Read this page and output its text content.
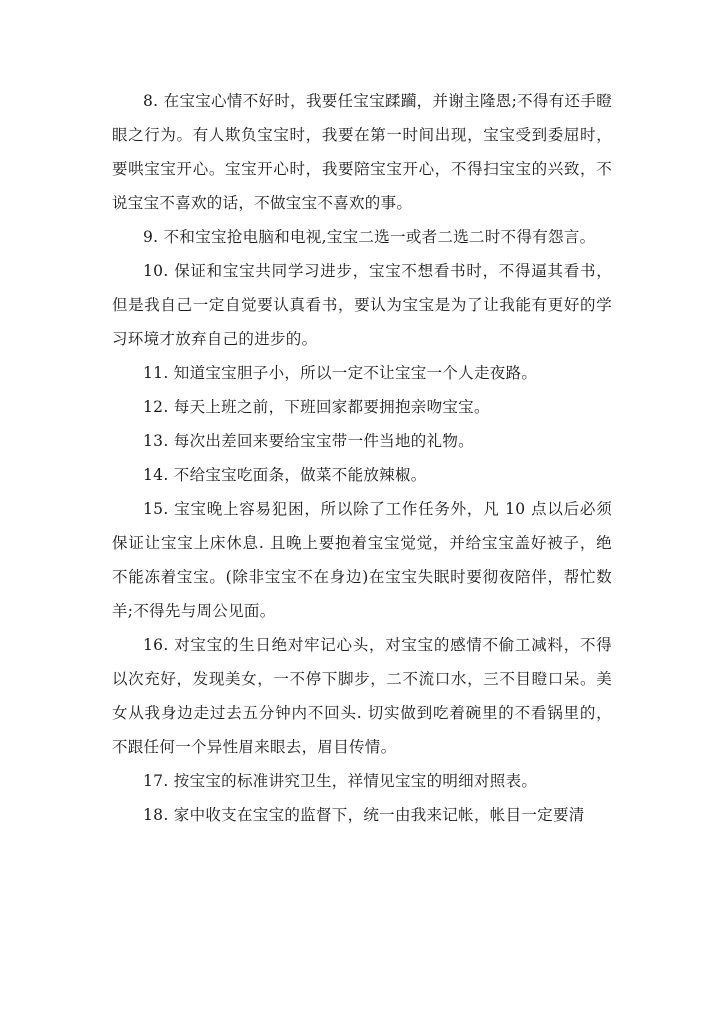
8. 在宝宝心情不好时，我要任宝宝蹂躏，并谢主隆恩;不得有还手瞪眼之行为。有人欺负宝宝时，我要在第一时间出现，宝宝受到委屈时，要哄宝宝开心。宝宝开心时，我要陪宝宝开心，不得扫宝宝的兴致，不说宝宝不喜欢的话，不做宝宝不喜欢的事。

9. 不和宝宝抢电脑和电视,宝宝二选一或者二选二时不得有怨言。

10. 保证和宝宝共同学习进步，宝宝不想看书时，不得逼其看书，但是我自己一定自觉要认真看书，要认为宝宝是为了让我能有更好的学习环境才放弃自己的进步的。

11. 知道宝宝胆子小，所以一定不让宝宝一个人走夜路。

12. 每天上班之前，下班回家都要拥抱亲吻宝宝。

13. 每次出差回来要给宝宝带一件当地的礼物。

14. 不给宝宝吃面条，做菜不能放辣椒。

15. 宝宝晚上容易犯困，所以除了工作任务外，凡 10 点以后必须保证让宝宝上床休息. 且晚上要抱着宝宝觉觉，并给宝宝盖好被子，绝不能冻着宝宝。(除非宝宝不在身边)在宝宝失眠时要彻夜陪伴，帮忙数羊;不得先与周公见面。

16. 对宝宝的生日绝对牢记心头，对宝宝的感情不偷工减料，不得以次充好，发现美女，一不停下脚步，二不流口水，三不目瞪口呆。美女从我身边走过去五分钟内不回头. 切实做到吃着碗里的不看锅里的，不跟任何一个异性眉来眼去，眉目传情。

17. 按宝宝的标准讲究卫生，祥情见宝宝的明细对照表。

18. 家中收支在宝宝的监督下，统一由我来记帐，帐目一定要清
